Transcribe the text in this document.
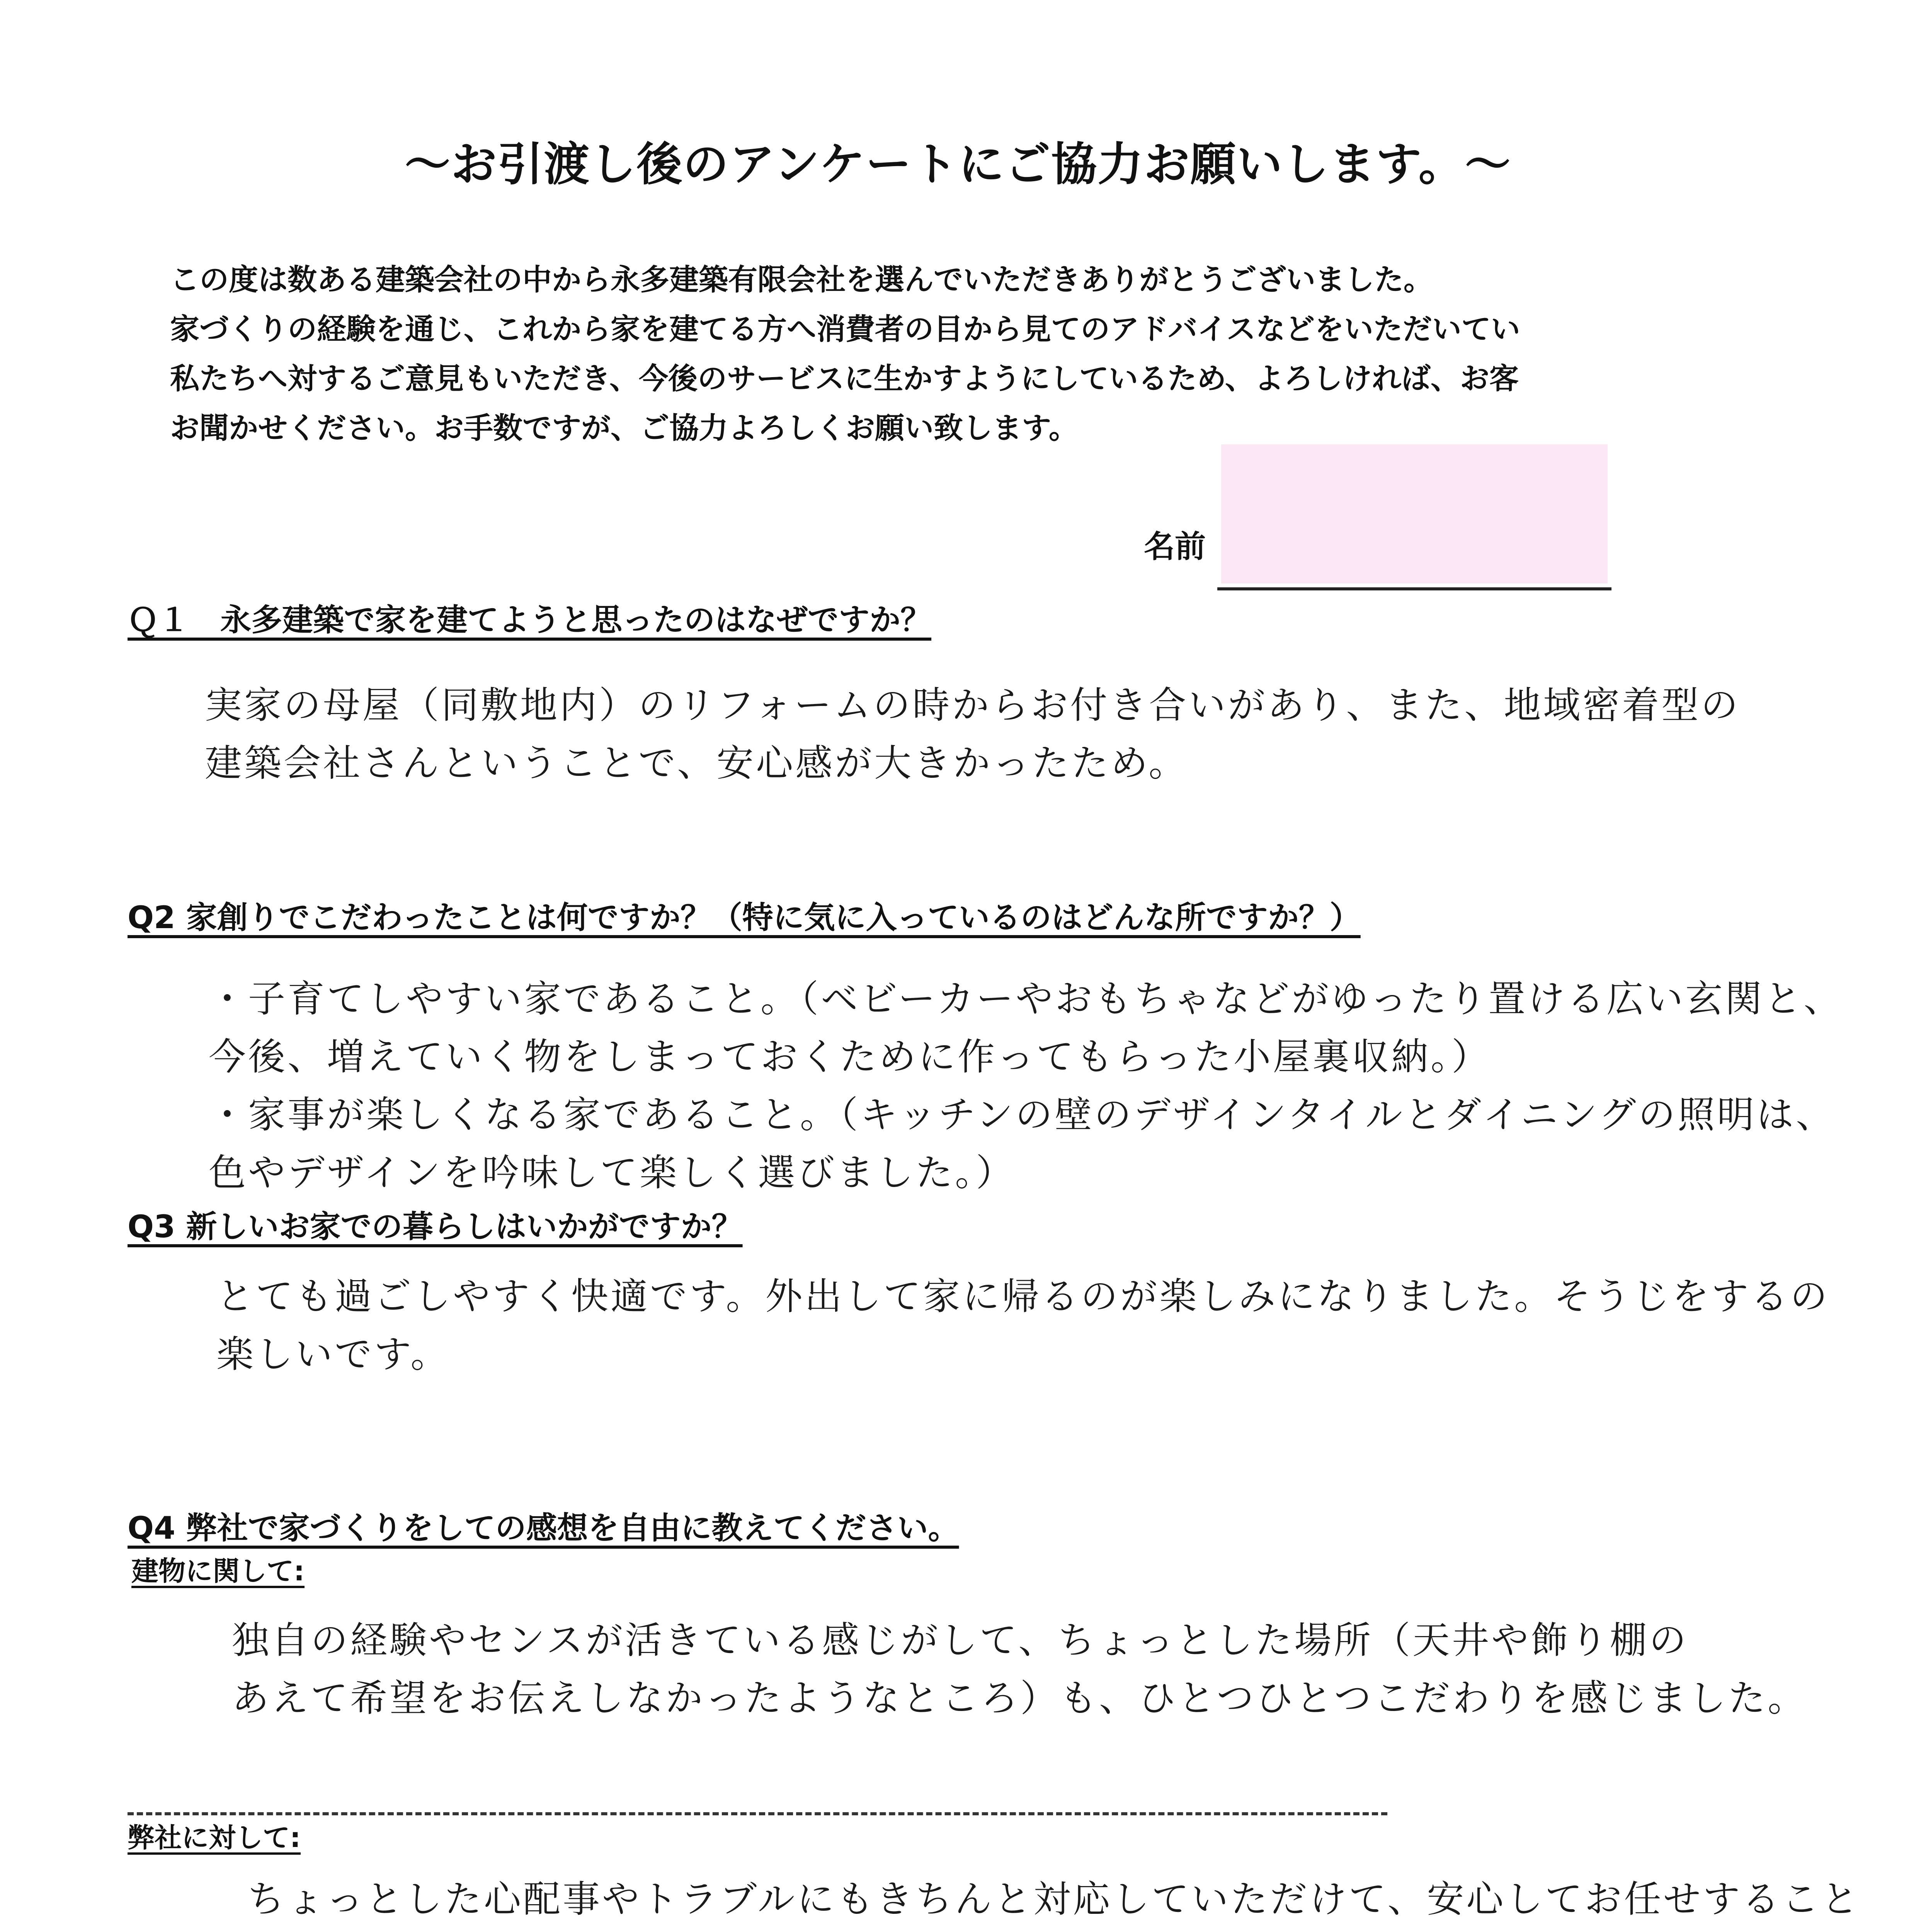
～お引渡し後のアンケートにご協力お願いします。～
この度は数ある建築会社の中から永多建築有限会社を選んでいただきありがとうございました。
家づくりの経験を通じ、これから家を建てる方へ消費者の目から見てのアドバイスなどをいただいてい
私たちへ対するご意見もいただき、今後のサービスに生かすようにしているため、よろしければ、お客
お聞かせください。お手数ですが、ご協力よろしくお願い致します。
名前
Ｑ１　永多建築で家を建てようと思ったのはなぜですか？
実家の母屋（同敷地内）のリフォームの時からお付き合いがあり、また、地域密着型の
建築会社さんということで、安心感が大きかったため。
Q2 家創りでこだわったことは何ですか？（特に気に入っているのはどんな所ですか？）
・子育てしやすい家であること。（ベビーカーやおもちゃなどがゆったり置ける広い玄関と、
今後、増えていく物をしまっておくために作ってもらった小屋裏収納。）
・家事が楽しくなる家であること。（キッチンの壁のデザインタイルとダイニングの照明は、
色やデザインを吟味して楽しく選びました。）
Q3 新しいお家での暮らしはいかがですか？
とても過ごしやすく快適です。外出して家に帰るのが楽しみになりました。そうじをするの
楽しいです。
Q4 弊社で家づくりをしての感想を自由に教えてください。
建物に関して:
独自の経験やセンスが活きている感じがして、ちょっとした場所（天井や飾り棚の
あえて希望をお伝えしなかったようなところ）も、ひとつひとつこだわりを感じました。
弊社に対して:
ちょっとした心配事やトラブルにもきちんと対応していただけて、安心してお任せすること
